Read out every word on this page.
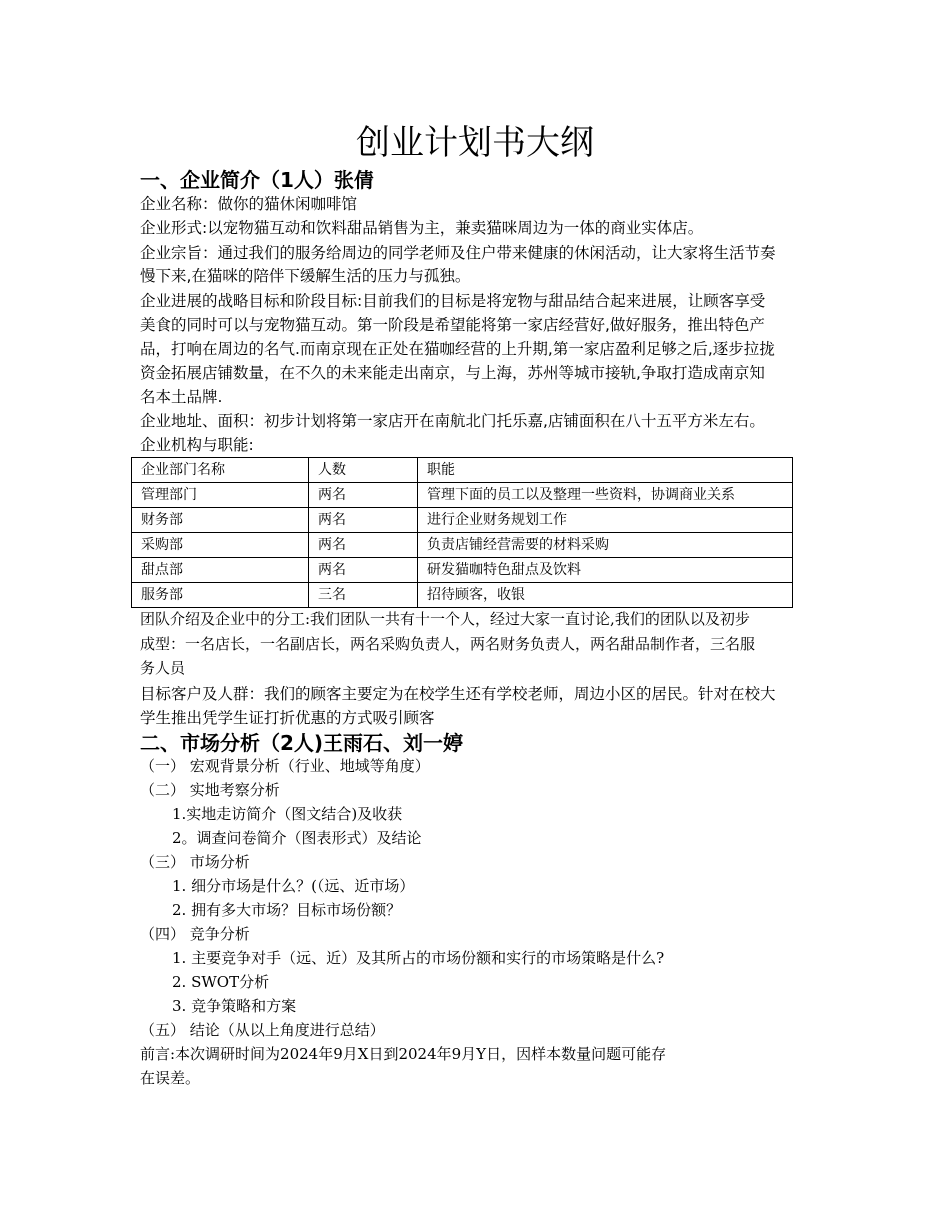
创业计划书大纲
一、企业简介（1人）张倩
企业名称：做你的猫休闲咖啡馆
企业形式:以宠物猫互动和饮料甜品销售为主，兼卖猫咪周边为一体的商业实体店。
企业宗旨：通过我们的服务给周边的同学老师及住户带来健康的休闲活动，让大家将生活节奏
慢下来,在猫咪的陪伴下缓解生活的压力与孤独。
企业进展的战略目标和阶段目标:目前我们的目标是将宠物与甜品结合起来进展，让顾客享受
美食的同时可以与宠物猫互动。第一阶段是希望能将第一家店经营好,做好服务，推出特色产
品，打响在周边的名气.而南京现在正处在猫咖经营的上升期,第一家店盈利足够之后,逐步拉拢
资金拓展店铺数量，在不久的未来能走出南京，与上海，苏州等城市接轨,争取打造成南京知
名本土品牌.
企业地址、面积：初步计划将第一家店开在南航北门托乐嘉,店铺面积在八十五平方米左右。
企业机构与职能:
企业部门名称	人数	职能
管理部门	两名	管理下面的员工以及整理一些资料，协调商业关系
财务部	两名	进行企业财务规划工作
采购部	两名	负责店铺经营需要的材料采购
甜点部	两名	研发猫咖特色甜点及饮料
服务部	三名	招待顾客，收银
团队介绍及企业中的分工:我们团队一共有十一个人，经过大家一直讨论,我们的团队以及初步
成型：一名店长，一名副店长，两名采购负责人，两名财务负责人，两名甜品制作者，三名服
务人员
目标客户及人群：我们的顾客主要定为在校学生还有学校老师，周边小区的居民。针对在校大
学生推出凭学生证打折优惠的方式吸引顾客
二、市场分析（2人)王雨石、刘一婷
（一） 宏观背景分析（行业、地域等角度）
（二） 实地考察分析
1.实地走访简介（图文结合)及收获
2。调查问卷简介（图表形式）及结论
（三） 市场分析
1. 细分市场是什么？(（远、近市场）
2. 拥有多大市场？目标市场份额？
（四） 竞争分析
1. 主要竞争对手（远、近）及其所占的市场份额和实行的市场策略是什么?
2. SWOT分析
3. 竞争策略和方案
（五） 结论（从以上角度进行总结）
前言:本次调研时间为2024年9月X日到2024年9月Y日，因样本数量问题可能存
在误差。
